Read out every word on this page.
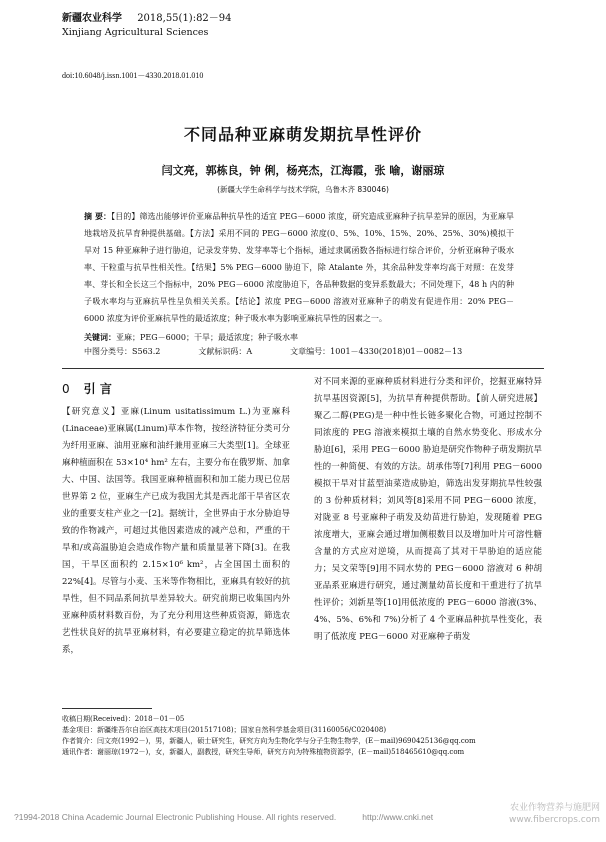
新疆农业科学 2018,55(1):82－94
Xinjiang Agricultural Sciences
doi:10.6048/j.issn.1001－4330.2018.01.010
不同品种亚麻萌发期抗旱性评价
闫文亮，郭栋良，钟 俐，杨亮杰，江海霞，张 喻，谢丽琼
(新疆大学生命科学与技术学院，乌鲁木齐 830046)
摘 要：【目的】筛选出能够评价亚麻品种抗旱性的适宜 PEG－6000 浓度，研究造成亚麻种子抗旱差异的原因，为亚麻旱地栽培及抗旱育种提供基础。【方法】采用不同的 PEG－6000 浓度(0、5%、10%、15%、20%、25%、30%)模拟干旱对 15 种亚麻种子进行胁迫，记录发芽势、发芽率等七个指标，通过隶属函数各指标进行综合评价，分析亚麻种子吸水率、干粒重与抗旱性相关性。【结果】5% PEG－6000 胁迫下，除 Atalante 外，其余品种发芽率均高于对照：在发芽率、芽长和全长这三个指标中，20% PEG－6000 浓度胁迫下，各品种数据的变异系数最大；不同处理下，48 h 内的种子吸水率均与亚麻抗旱性呈负相关关系。【结论】浓度 PEG－6000 溶液对亚麻种子的萌发有促进作用：20% PEG－6000 浓度为评价亚麻抗旱性的最适浓度；种子吸水率为影响亚麻抗旱性的因素之一。
关键词：亚麻；PEG－6000；干旱；最适浓度；种子吸水率
中图分类号：S563.2	文献标识码：A	文章编号：1001－4330(2018)01－0082－13
0 引 言
【研究意义】亚麻(Linum usitatissimum L.)为亚麻科(Linaceae)亚麻属(Linum)草本作物，按经济特征分类可分为纤用亚麻、油用亚麻和油纤兼用亚麻三大类型[1]。全球亚麻种植面积在 53×10⁴ hm² 左右，主要分布在俄罗斯、加拿大、中国、法国等。我国亚麻种植面积和加工能力现已位居世界第 2 位，亚麻生产已成为我国尤其是西北部干旱省区农业的重要支柱产业之一[2]。据统计，全世界由于水分胁迫导致的作物减产，可超过其他因素造成的减产总和，严重的干旱和/或高温胁迫会造成作物产量和质量显著下降[3]。在我国，干旱区面积约 2.15×10⁶ km²，占全国国土面积的 22%[4]。尽管与小麦、玉米等作物相比，亚麻具有较好的抗旱性，但不同品系间抗旱差异较大。研究前期已收集国内外亚麻种质材料数百份，为了充分利用这些种质资源，筛选农艺性状良好的抗旱亚麻材料，有必要建立稳定的抗旱筛选体系，
对不同来源的亚麻种质材料进行分类和评价，挖掘亚麻特异抗旱基因资源[5]，为抗旱育种提供帮助。【前人研究进展】聚乙二醇(PEG)是一种中性长链多聚化合物，可通过控制不同浓度的 PEG 溶液来模拟土壤的自然水势变化、形成水分胁迫[6]，采用 PEG－6000 胁迫是研究作物种子萌发期抗旱性的一种简便、有效的方法。胡承伟等[7]利用 PEG－6000 模拟干旱对甘蓝型油菜造成胁迫，筛选出发芽期抗旱性较强的 3 份种质材料；刘风等[8]采用不同 PEG－6000 浓度，对陇亚 8 号亚麻种子萌发及幼苗进行胁迫，发现随着 PEG 浓度增大，亚麻会通过增加侧根数目以及增加叶片可溶性糖含量的方式应对逆境，从而提高了其对干旱胁迫的适应能力；吴文荣等[9]用不同水势的 PEG－6000 溶液对 6 种胡亚品系亚麻进行研究，通过测量幼苗长度和干重进行了抗旱性评价；刘新星等[10]用低浓度的 PEG－6000 溶液(3%、4%、5%、6%和 7%)分析了 4 个亚麻品种抗旱性变化，表明了低浓度 PEG－6000 对亚麻种子萌发
收稿日期(Received)：2018－01－05
基金项目：新疆维吾尔自治区高技术项目(201517108)；国家自然科学基金项目(31160056/C020408)
作者简介：闫文亮(1992－)，男，新疆人，硕士研究生，研究方向为生物化学与分子生物生物学，(E－mail)9690425136@qq.com
通讯作者：谢丽琼(1972－)，女，新疆人，副教授，研究生导师，研究方向为特殊植物资源学，(E－mail)518465610@qq.com
?1994-2018 China Academic Journal Electronic Publishing House. All rights reserved.	http://www.cnki.net
农业作物营养与施肥网
www.fibercrops.com
